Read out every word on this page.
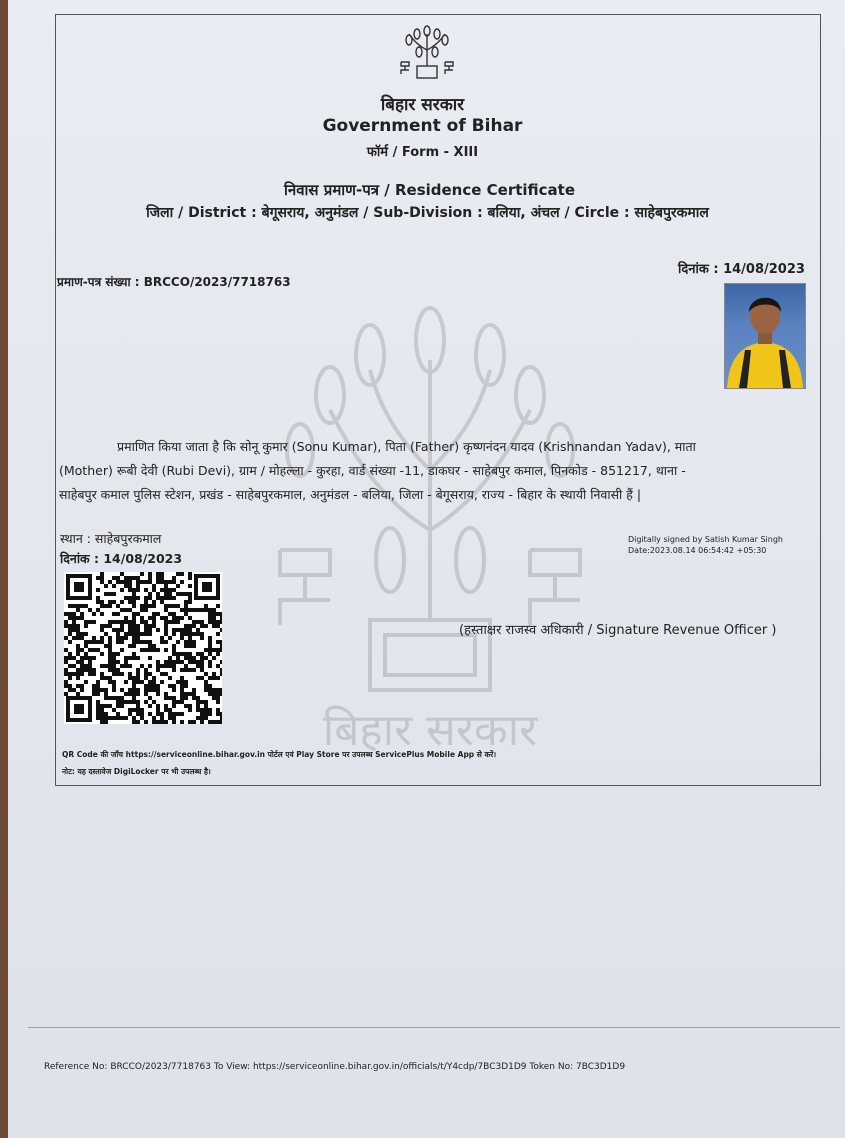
बिहार सरकार
बिहार सरकार
Government of Bihar
फॉर्म / Form - XIII
निवास प्रमाण-पत्र / Residence Certificate
जिला / District : बेगूसराय, अनुमंडल / Sub-Division : बलिया, अंचल / Circle : साहेबपुरकमाल
दिनांक : 14/08/2023
प्रमाण-पत्र संख्या : BRCCO/2023/7718763
प्रमाणित किया जाता है कि सोनू कुमार (Sonu Kumar), पिता (Father) कृष्णनंदन यादव (Krishnandan Yadav), माता
(Mother) रूबी देवी (Rubi Devi), ग्राम / मोहल्ला - कुरहा, वार्ड संख्या -11, डाकघर - साहेबपुर कमाल, पिनकोड - 851217, थाना -
साहेबपुर कमाल पुलिस स्टेशन, प्रखंड - साहेबपुरकमाल, अनुमंडल - बलिया, जिला - बेगूसराय, राज्य - बिहार के स्थायी निवासी हैं |
स्थान : साहेबपुरकमाल
दिनांक : 14/08/2023
Digitally signed by Satish Kumar Singh
Date:2023.08.14 06:54:42 +05:30
(हस्ताक्षर राजस्व अधिकारी / Signature Revenue Officer )
QR Code की जाँच https://serviceonline.bihar.gov.in पोर्टल एवं Play Store पर उपलब्ध ServicePlus Mobile App से करें।
नोट: यह दस्तावेज DigiLocker पर भी उपलब्ध है।
Reference No: BRCCO/2023/7718763 To View: https://serviceonline.bihar.gov.in/officials/t/Y4cdp/7BC3D1D9 Token No: 7BC3D1D9
